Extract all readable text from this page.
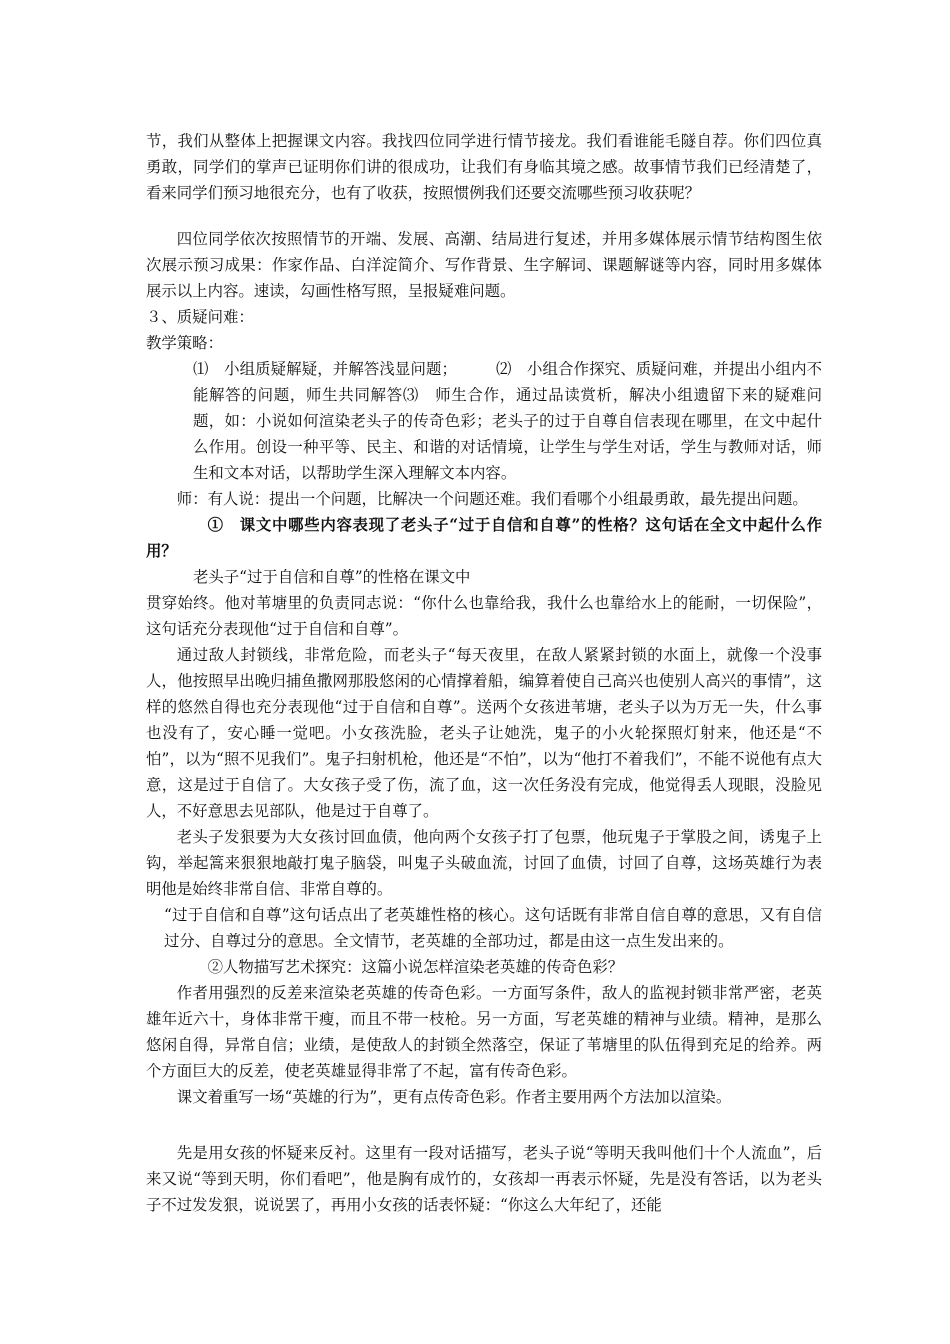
节，我们从整体上把握课文内容。我找四位同学进行情节接龙。我们看谁能毛隧自荐。你们四位真勇敢，同学们的掌声已证明你们讲的很成功，让我们有身临其境之感。故事情节我们已经清楚了，看来同学们预习地很充分，也有了收获，按照惯例我们还要交流哪些预习收获呢？

四位同学依次按照情节的开端、发展、高潮、结局进行复述，并用多媒体展示情节结构图生依次展示预习成果：作家作品、白洋淀简介、写作背景、生字解词、课题解谜等内容，同时用多媒体展示以上内容。速读，勾画性格写照，呈报疑难问题。

３、质疑问难：

教学策略：

⑴　小组质疑解疑，并解答浅显问题；　　　⑵　小组合作探究、质疑问难，并提出小组内不能解答的问题，师生共同解答⑶　师生合作，通过品读赏析，解决小组遗留下来的疑难问题，如：小说如何渲染老头子的传奇色彩；老头子的过于自尊自信表现在哪里，在文中起什么作用。创设一种平等、民主、和谐的对话情境，让学生与学生对话，学生与教师对话，师生和文本对话，以帮助学生深入理解文本内容。

师：有人说：提出一个问题，比解决一个问题还难。我们看哪个小组最勇敢，最先提出问题。

①　课文中哪些内容表现了老头子“过于自信和自尊”的性格？这句话在全文中起什么作用？

老头子“过于自信和自尊”的性格在课文中

贯穿始终。他对苇塘里的负责同志说：“你什么也靠给我，我什么也靠给水上的能耐，一切保险”，这句话充分表现他“过于自信和自尊”。

通过敌人封锁线，非常危险，而老头子“每天夜里，在敌人紧紧封锁的水面上，就像一个没事人，他按照早出晚归捕鱼撒网那股悠闲的心情撑着船，编算着使自己高兴也使别人高兴的事情”，这样的悠然自得也充分表现他“过于自信和自尊”。送两个女孩进苇塘，老头子以为万无一失，什么事也没有了，安心睡一觉吧。小女孩洗脸，老头子让她洗，鬼子的小火轮探照灯射来，他还是“不怕”，以为“照不见我们”。鬼子扫射机枪，他还是“不怕”，以为“他打不着我们”，不能不说他有点大意，这是过于自信了。大女孩子受了伤，流了血，这一次任务没有完成，他觉得丢人现眼，没脸见人，不好意思去见部队，他是过于自尊了。

老头子发狠要为大女孩讨回血债，他向两个女孩子打了包票，他玩鬼子于掌股之间，诱鬼子上钩，举起篙来狠狠地敲打鬼子脑袋，叫鬼子头破血流，讨回了血债，讨回了自尊，这场英雄行为表明他是始终非常自信、非常自尊的。

“过于自信和自尊”这句话点出了老英雄性格的核心。这句话既有非常自信自尊的意思，又有自信过分、自尊过分的意思。全文情节，老英雄的全部功过，都是由这一点生发出来的。

②人物描写艺术探究：这篇小说怎样渲染老英雄的传奇色彩？

作者用强烈的反差来渲染老英雄的传奇色彩。一方面写条件，敌人的监视封锁非常严密，老英雄年近六十，身体非常干瘦，而且不带一枝枪。另一方面，写老英雄的精神与业绩。精神，是那么悠闲自得，异常自信；业绩，是使敌人的封锁全然落空，保证了苇塘里的队伍得到充足的给养。两个方面巨大的反差，使老英雄显得非常了不起，富有传奇色彩。

课文着重写一场“英雄的行为”，更有点传奇色彩。作者主要用两个方法加以渲染。

先是用女孩的怀疑来反衬。这里有一段对话描写，老头子说“等明天我叫他们十个人流血”，后来又说“等到天明，你们看吧”，他是胸有成竹的，女孩却一再表示怀疑，先是没有答话，以为老头子不过发发狠，说说罢了，再用小女孩的话表怀疑：“你这么大年纪了，还能
